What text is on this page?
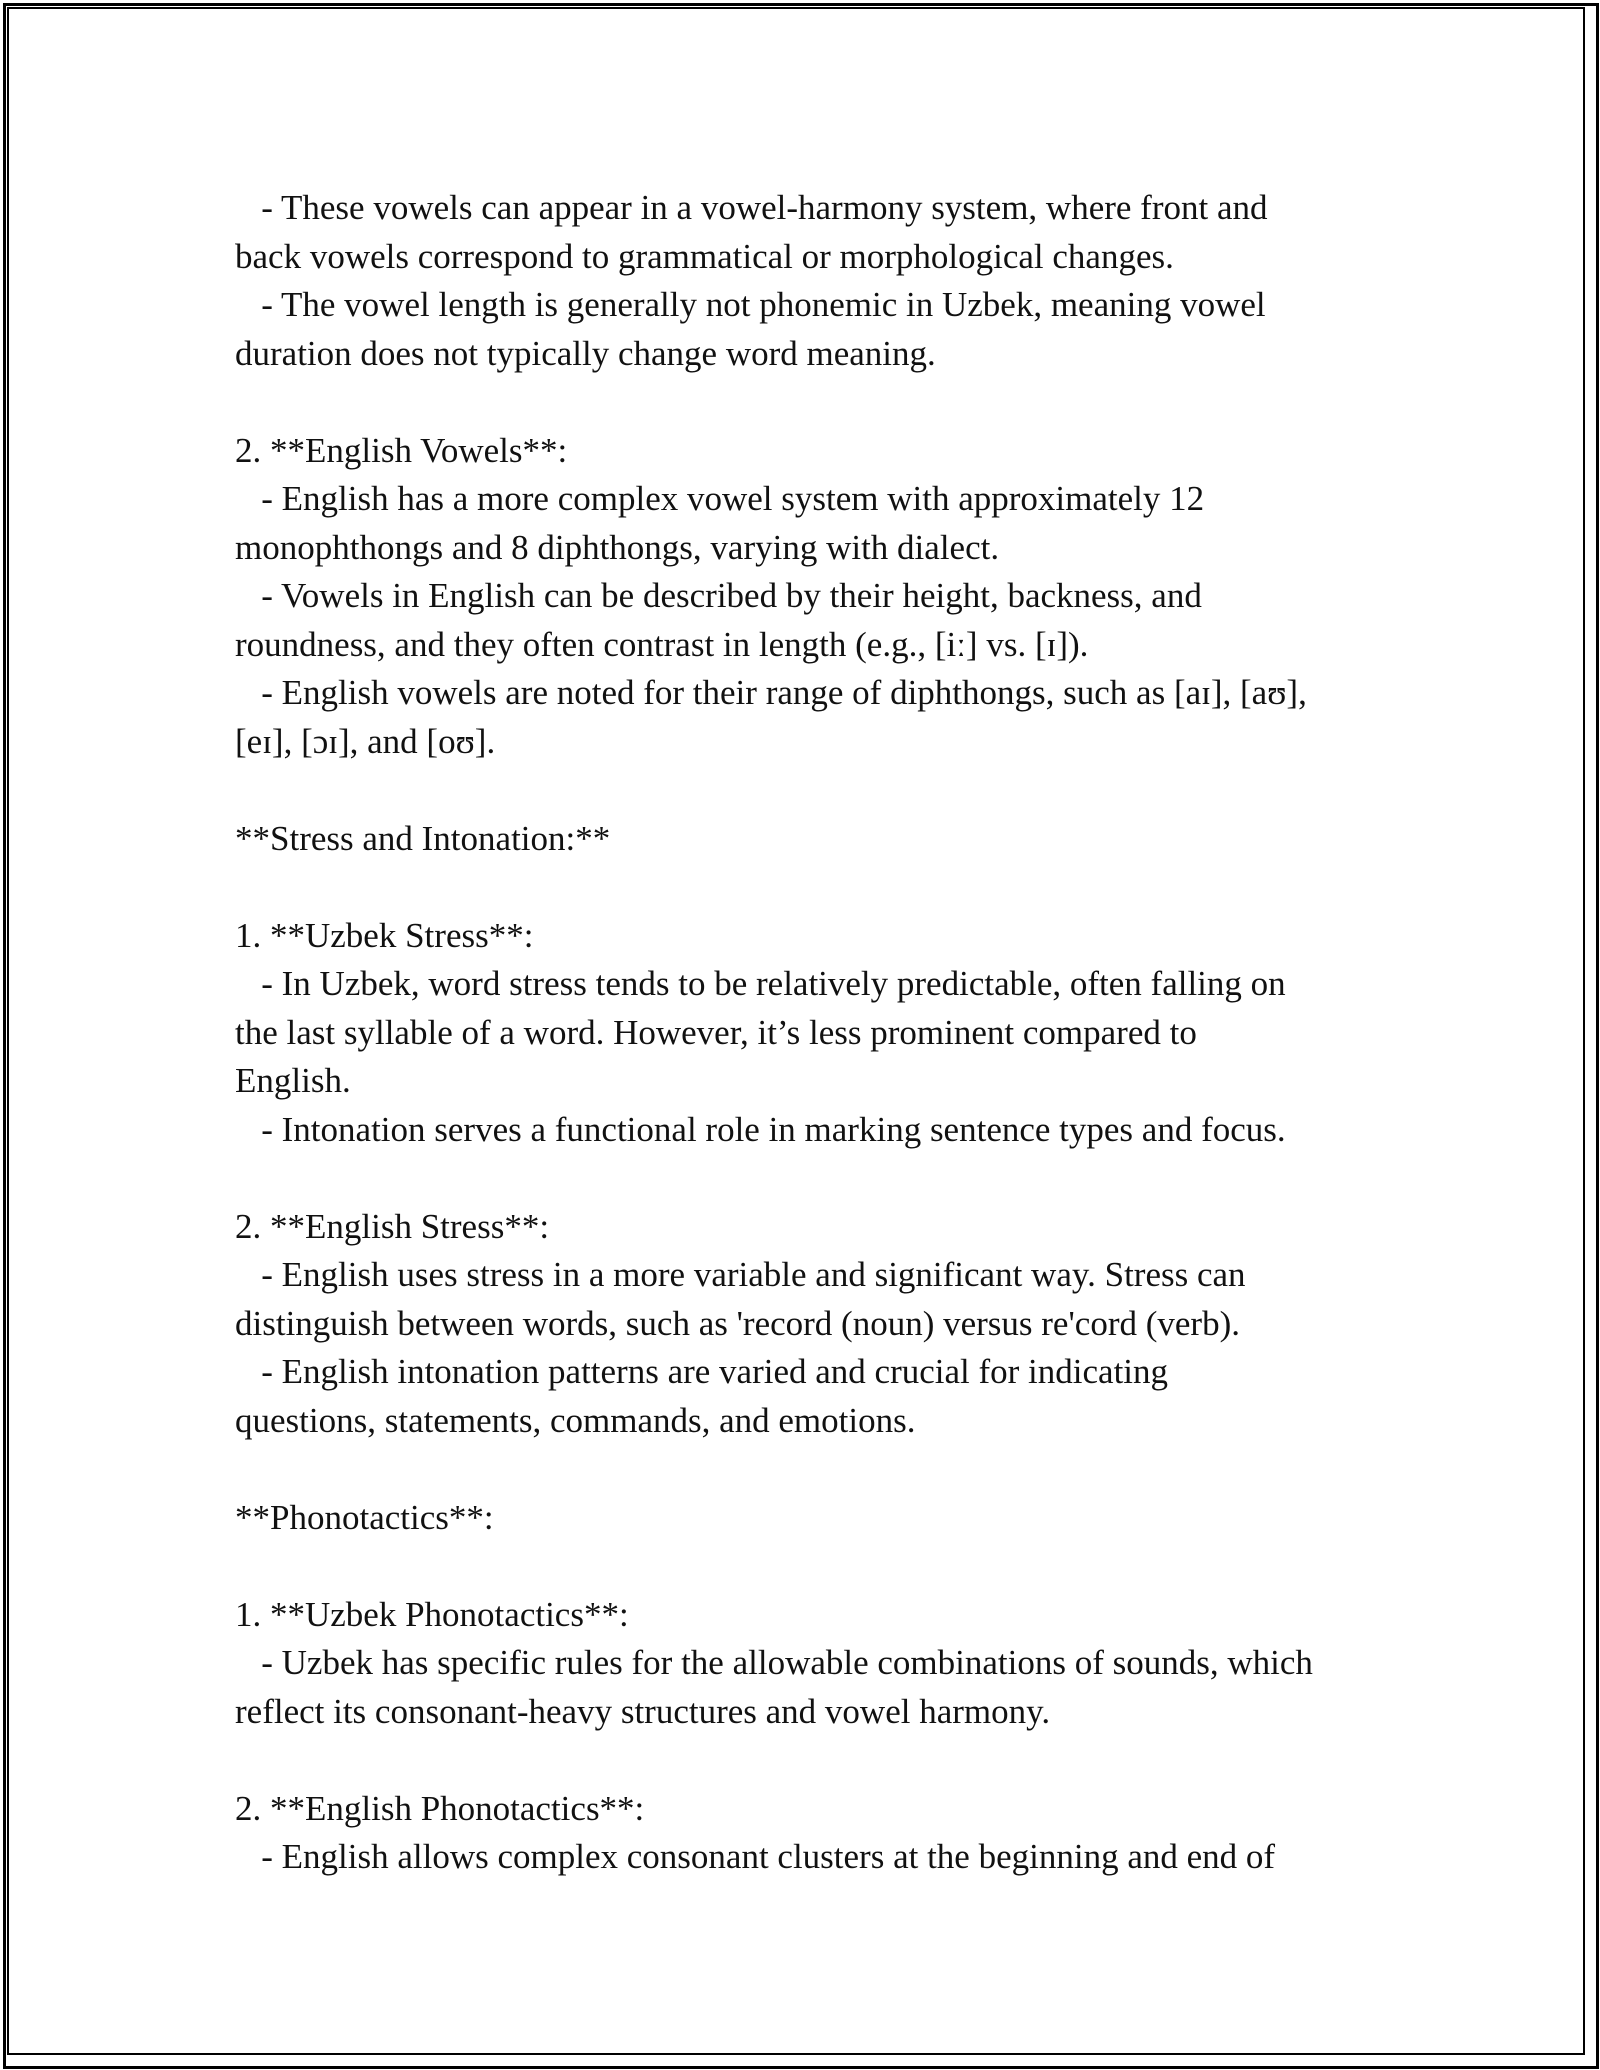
- These vowels can appear in a vowel-harmony system, where front and

back vowels correspond to grammatical or morphological changes.

- The vowel length is generally not phonemic in Uzbek, meaning vowel

duration does not typically change word meaning.

2. **English Vowels**:

- English has a more complex vowel system with approximately 12

monophthongs and 8 diphthongs, varying with dialect.

- Vowels in English can be described by their height, backness, and

roundness, and they often contrast in length (e.g., [iː] vs. [ɪ]).

- English vowels are noted for their range of diphthongs, such as [aɪ], [aʊ],

[eɪ], [ɔɪ], and [oʊ].

**Stress and Intonation:**

1. **Uzbek Stress**:

- In Uzbek, word stress tends to be relatively predictable, often falling on

the last syllable of a word. However, it’s less prominent compared to

English.

- Intonation serves a functional role in marking sentence types and focus.

2. **English Stress**:

- English uses stress in a more variable and significant way. Stress can

distinguish between words, such as 'record (noun) versus re'cord (verb).

- English intonation patterns are varied and crucial for indicating

questions, statements, commands, and emotions.

**Phonotactics**:

1. **Uzbek Phonotactics**:

- Uzbek has specific rules for the allowable combinations of sounds, which

reflect its consonant-heavy structures and vowel harmony.

2. **English Phonotactics**:

- English allows complex consonant clusters at the beginning and end of
